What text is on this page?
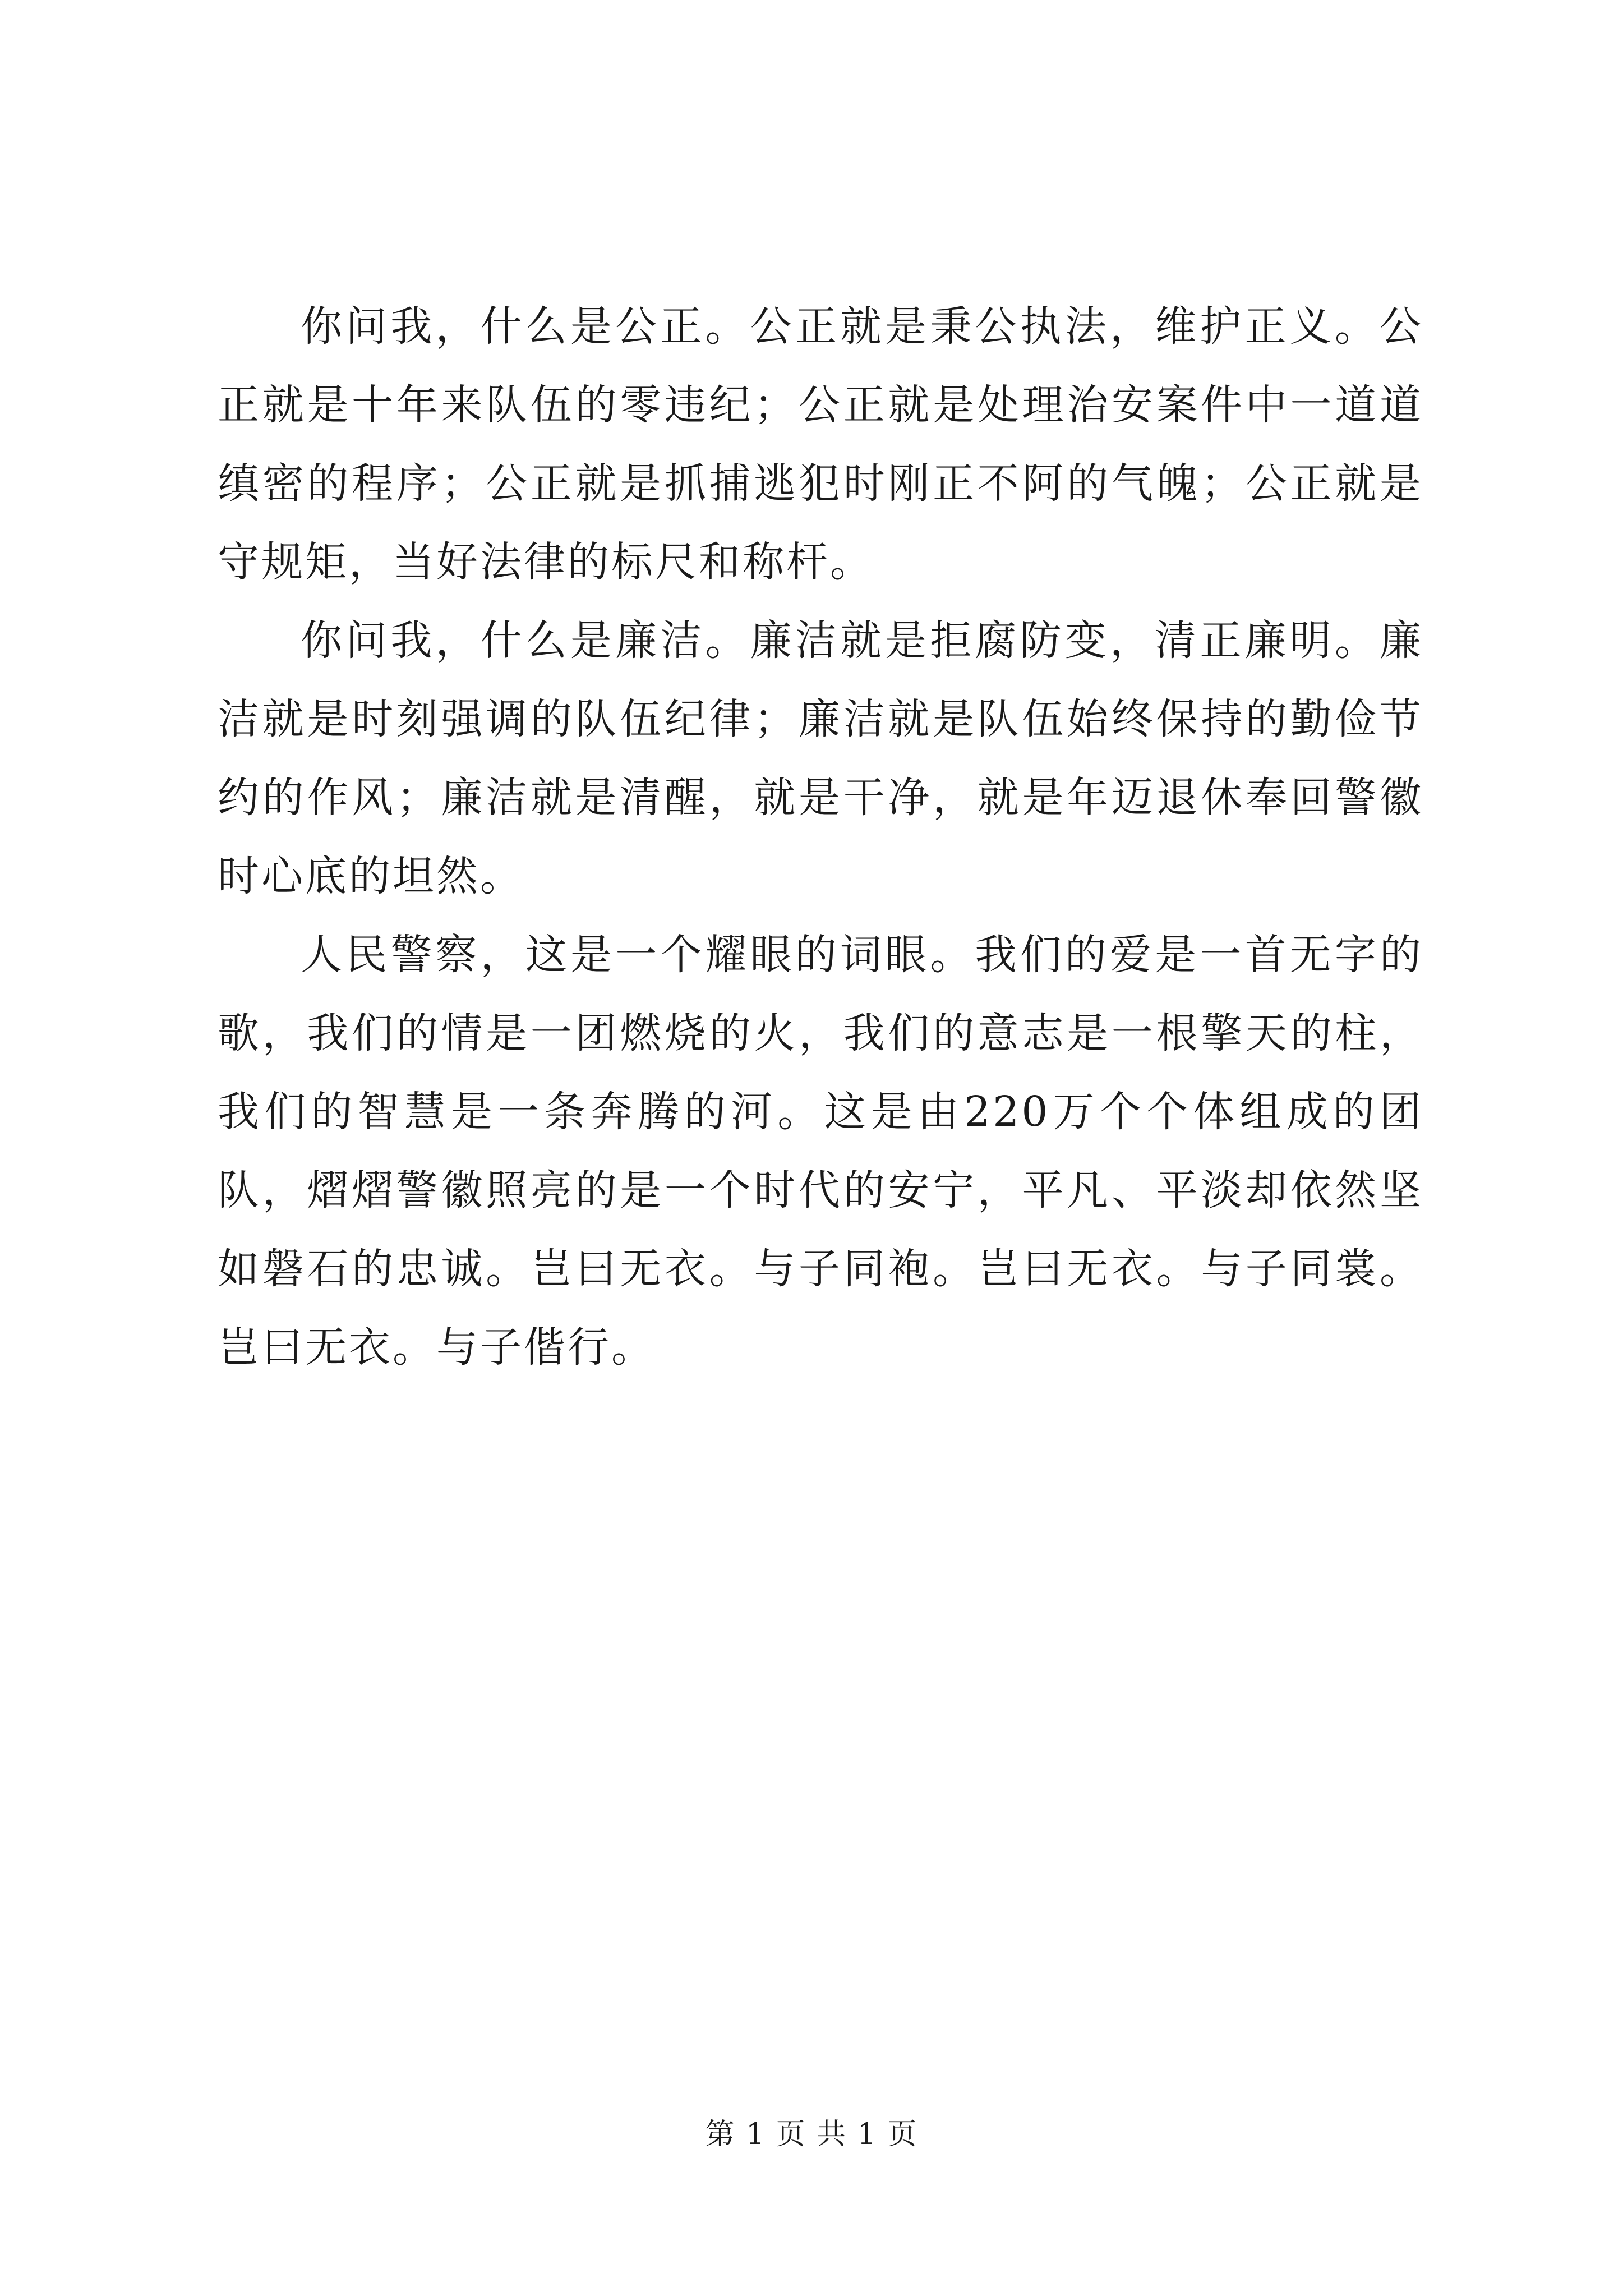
你问我，什么是公正。公正就是秉公执法，维护正义。公正就是十年来队伍的零违纪；公正就是处理治安案件中一道道缜密的程序；公正就是抓捕逃犯时刚正不阿的气魄；公正就是守规矩，当好法律的标尺和称杆。

你问我，什么是廉洁。廉洁就是拒腐防变，清正廉明。廉洁就是时刻强调的队伍纪律；廉洁就是队伍始终保持的勤俭节约的作风；廉洁就是清醒，就是干净，就是年迈退休奉回警徽时心底的坦然。

人民警察，这是一个耀眼的词眼。我们的爱是一首无字的歌，我们的情是一团燃烧的火，我们的意志是一根擎天的柱，我们的智慧是一条奔腾的河。这是由220万个个体组成的团队，熠熠警徽照亮的是一个时代的安宁，平凡、平淡却依然坚如磐石的忠诚。岂曰无衣。与子同袍。岂曰无衣。与子同裳。岂曰无衣。与子偕行。

第 1 页 共 1 页
